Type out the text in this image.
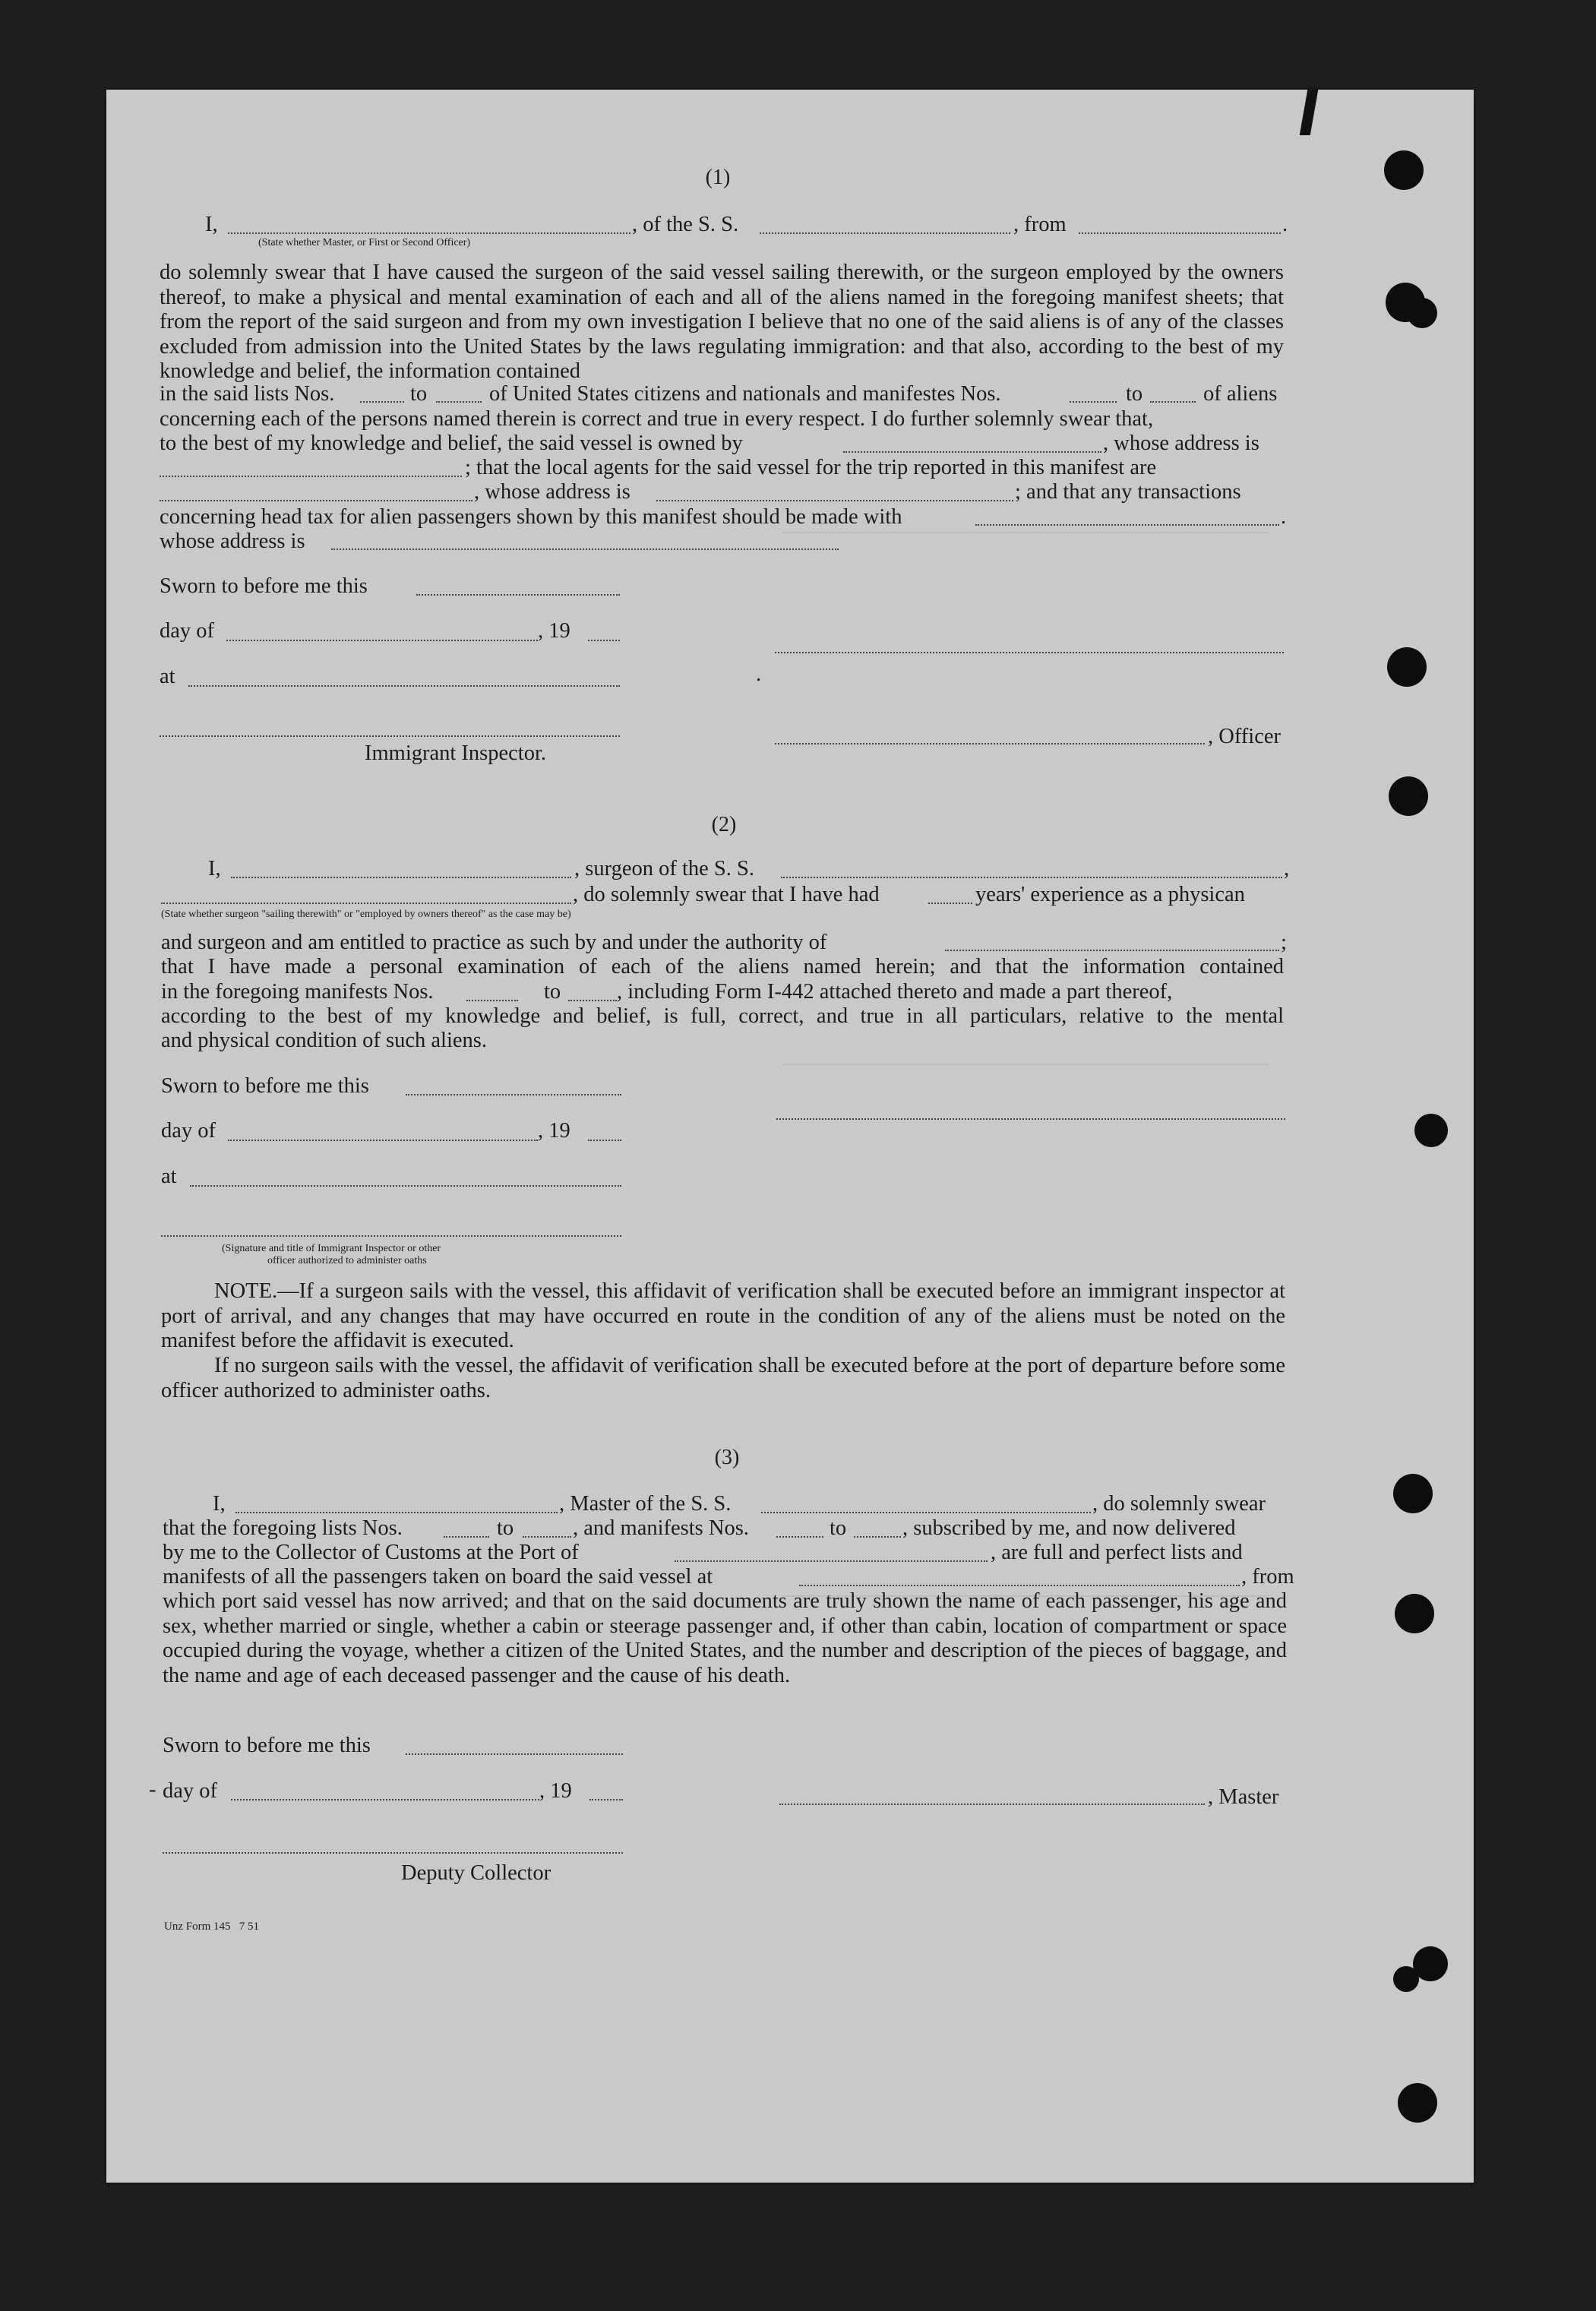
(1)
I,	, of the S. S.	, from	.
(State whether Master, or First or Second Officer)
do solemnly swear that I have caused the surgeon of the said vessel sailing therewith, or the surgeon employed by the owners thereof, to make a physical and mental examination of each and all of the aliens named in the foregoing manifest sheets; that from the report of the said surgeon and from my own investigation I believe that no one of the said aliens is of any of the classes excluded from admission into the United States by the laws regulating immigration: and that also, according to the best of my knowledge and belief, the information contained
in the said lists Nos.	to	of United States citizens and nationals and manifestes Nos.	to	of aliens
concerning each of the persons named therein is correct and true in every respect. I do further solemnly swear that,
to the best of my knowledge and belief, the said vessel is owned by	, whose address is
; that the local agents for the said vessel for the trip reported in this manifest are
, whose address is	; and that any transactions
concerning head tax for alien passengers shown by this manifest should be made with	.
whose address is
Sworn to before me this
day of	, 19
at	.
, Officer
Immigrant Inspector.
(2)
I,	, surgeon of the S. S.	,
, do solemnly swear that I have had	years' experience as a physican
(State whether surgeon "sailing therewith" or "employed by owners thereof" as the case may be)
and surgeon and am entitled to practice as such by and under the authority of	;
that I have made a personal examination of each of the aliens named herein; and that the information contained
in the foregoing manifests Nos.	to	, including Form I-442 attached thereto and made a part thereof,
according to the best of my knowledge and belief, is full, correct, and true in all particulars, relative to the mental
and physical condition of such aliens.
Sworn to before me this
day of	, 19
at
(Signature and title of Immigrant Inspector or other
officer authorized to administer oaths
NOTE.—If a surgeon sails with the vessel, this affidavit of verification shall be executed before an immigrant inspector at port of arrival, and any changes that may have occurred en route in the condition of any of the aliens must be noted on the manifest before the affidavit is executed.
If no surgeon sails with the vessel, the affidavit of verification shall be executed before at the port of departure before some officer authorized to administer oaths.
(3)
I,	, Master of the S. S.	, do solemnly swear
that the foregoing lists Nos.	to	, and manifests Nos.	to	, subscribed by me, and now delivered
by me to the Collector of Customs at the Port of	, are full and perfect lists and
manifests of all the passengers taken on board the said vessel at	, from
which port said vessel has now arrived; and that on the said documents are truly shown the name of each passenger, his age and sex, whether married or single, whether a cabin or steerage passenger and, if other than cabin, location of compartment or space occupied during the voyage, whether a citizen of the United States, and the number and description of the pieces of baggage, and the name and age of each deceased passenger and the cause of his death.
Sworn to before me this
- day of	, 19	, Master
Deputy Collector
Unz Form 145   7 51
